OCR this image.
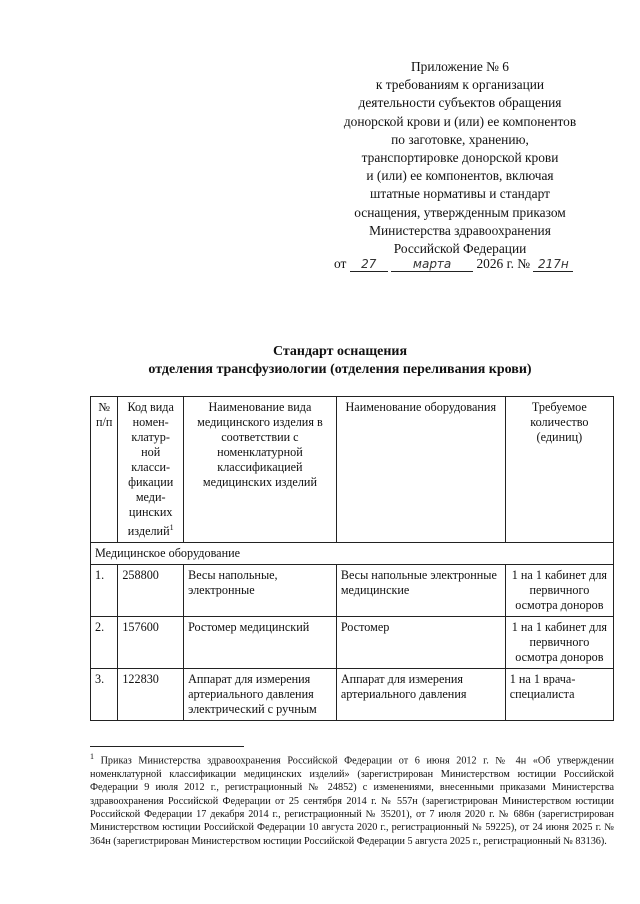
Приложение № 6
к требованиям к организации
деятельности субъектов обращения
донорской крови и (или) ее компонентов
по заготовке, хранению,
транспортировке донорской крови
и (или) ее компонентов, включая
штатные нормативы и стандарт
оснащения, утвержденным приказом
Министерства здравоохранения
Российской Федерации
от 27	марта 2026 г. № 217н
Стандарт оснащения
отделения трансфузиологии (отделения переливания крови)
№ п/п	Код вида номен-клатур-ной класси-фикации меди-цинских изделий$^1$	Наименование вида медицинского изделия в соответствии с номенклатурной классификацией медицинских изделий	Наименование оборудования	Требуемое количество (единиц)
Медицинское оборудование				
1.	258800	Весы напольные, электронные	Весы напольные электронные медицинские	1 на 1 кабинет для первичного осмотра доноров
2.	157600	Ростомер медицинский	Ростомер	1 на 1 кабинет для первичного осмотра доноров
3.	122830	Аппарат для измерения артериального давления электрический с ручным	Аппарат для измерения артериального давления	1 на 1 врача-специалиста
$^1$ Приказ Министерства здравоохранения Российской Федерации от 6 июня 2012 г. № 4н «Об утверждении номенклатурной классификации медицинских изделий» (зарегистрирован Министерством юстиции Российской Федерации 9 июля 2012 г., регистрационный № 24852) с изменениями, внесенными приказами Министерства здравоохранения Российской Федерации от 25 сентября 2014 г. № 557н (зарегистрирован Министерством юстиции Российской Федерации 17 декабря 2014 г., регистрационный № 35201), от 7 июля 2020 г. № 686н (зарегистрирован Министерством юстиции Российской Федерации 10 августа 2020 г., регистрационный № 59225), от 24 июня 2025 г. № 364н (зарегистрирован Министерством юстиции Российской Федерации 5 августа 2025 г., регистрационный № 83136).
